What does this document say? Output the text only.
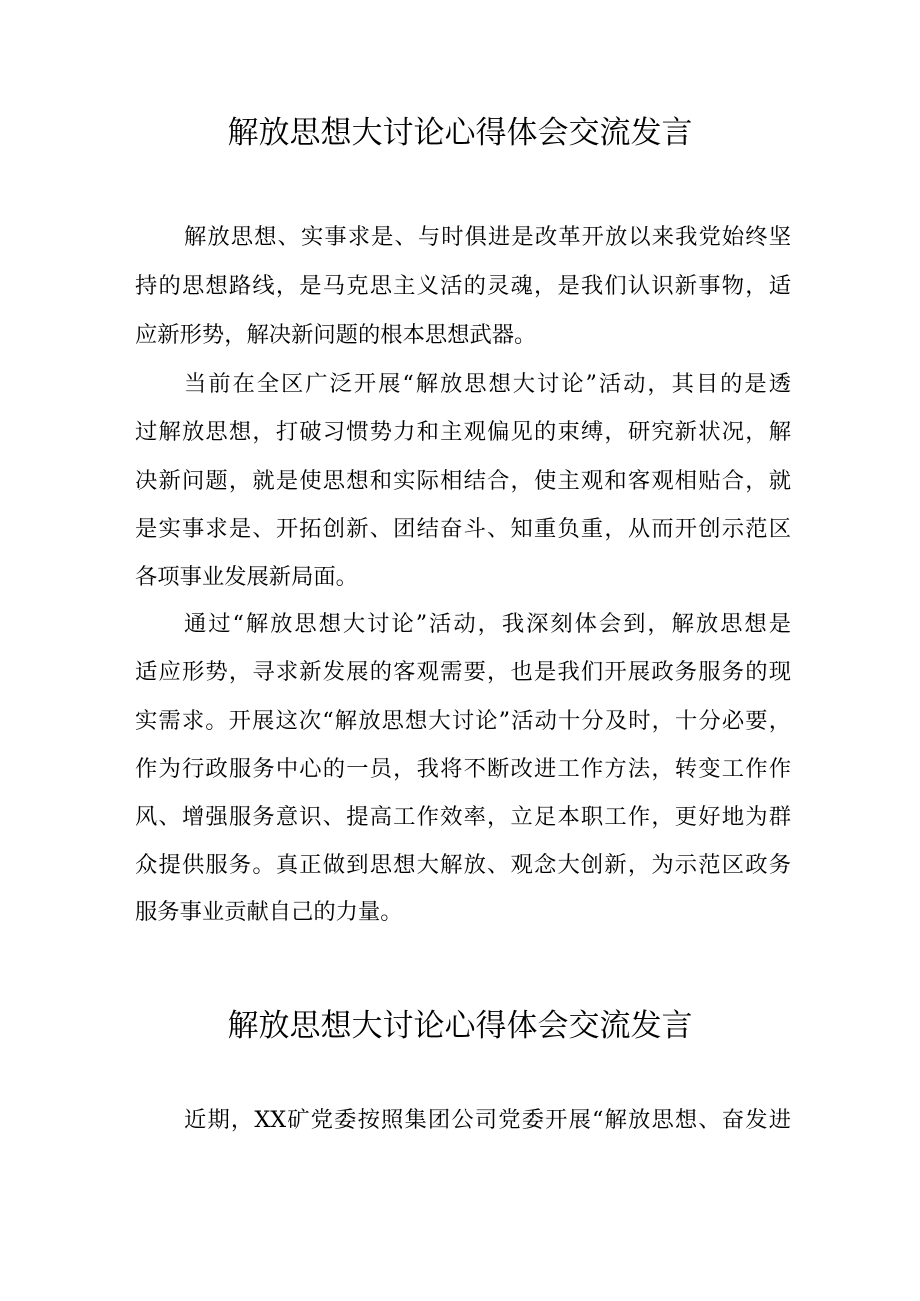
解放思想大讨论心得体会交流发言
解放思想、实事求是、与时俱进是改革开放以来我党始终坚
持的思想路线，是马克思主义活的灵魂，是我们认识新事物，适
应新形势，解决新问题的根本思想武器。
当前在全区广泛开展“解放思想大讨论”活动，其目的是透
过解放思想，打破习惯势力和主观偏见的束缚，研究新状况，解
决新问题，就是使思想和实际相结合，使主观和客观相贴合，就
是实事求是、开拓创新、团结奋斗、知重负重，从而开创示范区
各项事业发展新局面。
通过“解放思想大讨论”活动，我深刻体会到，解放思想是
适应形势，寻求新发展的客观需要，也是我们开展政务服务的现
实需求。开展这次“解放思想大讨论”活动十分及时，十分必要，
作为行政服务中心的一员，我将不断改进工作方法，转变工作作
风、增强服务意识、提高工作效率，立足本职工作，更好地为群
众提供服务。真正做到思想大解放、观念大创新，为示范区政务
服务事业贡献自己的力量。
解放思想大讨论心得体会交流发言
近期，XX矿党委按照集团公司党委开展“解放思想、奋发进
